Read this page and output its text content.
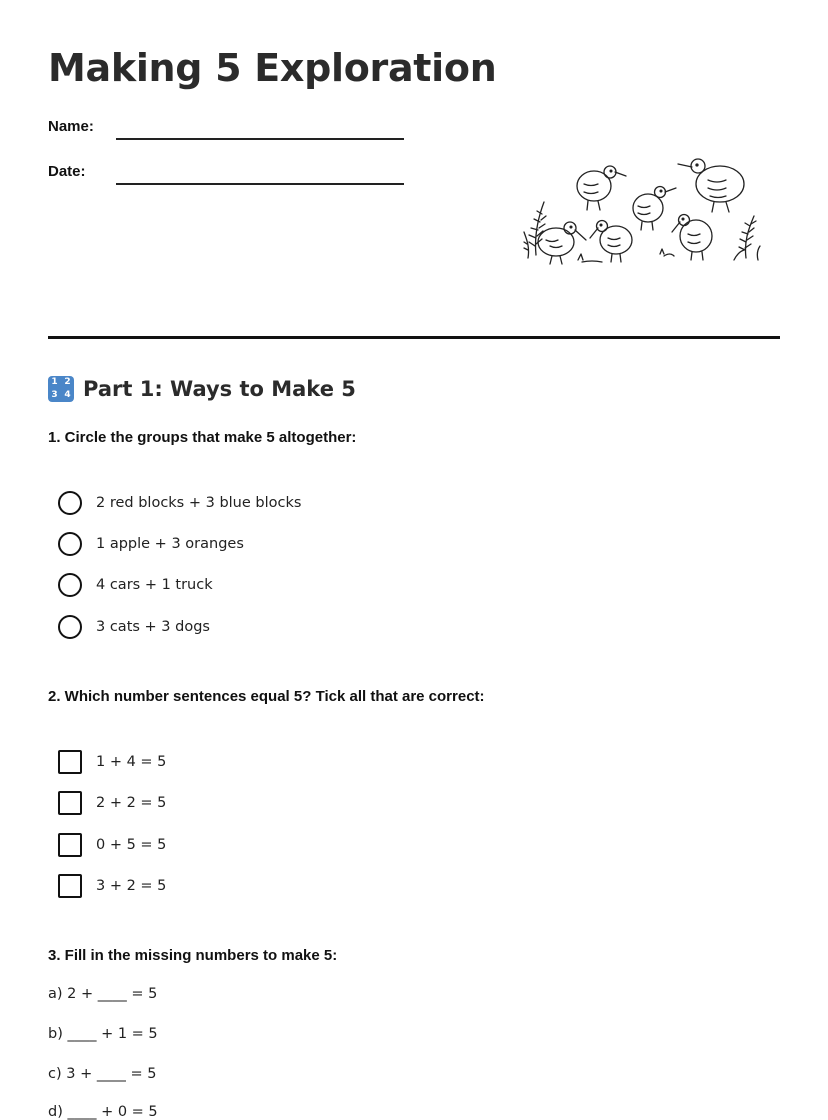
Making 5 Exploration
Name:
Date:
1 2
3 4 Part 1: Ways to Make 5
1. Circle the groups that make 5 altogether:
2 red blocks + 3 blue blocks
1 apple + 3 oranges
4 cars + 1 truck
3 cats + 3 dogs
2. Which number sentences equal 5? Tick all that are correct:
1 + 4 = 5
2 + 2 = 5
0 + 5 = 5
3 + 2 = 5
3. Fill in the missing numbers to make 5:
a) 2 + ____ = 5
b) ____ + 1 = 5
c) 3 + ____ = 5
d) ____ + 0 = 5
